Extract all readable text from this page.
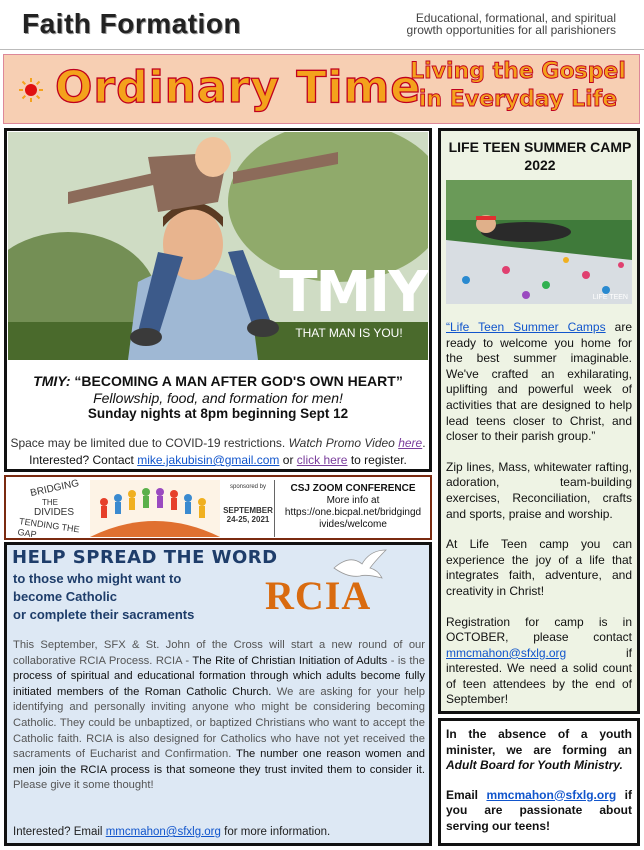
Faith Formation	Educational, formational, and spiritual
growth opportunities for all parishioners
Ordinary Time
Living the Gospel
in Everyday Life
TMIY
THAT MAN IS YOU!
TMIY: “BECOMING A MAN AFTER GOD'S OWN HEART”
Fellowship, food, and formation for men!
Sunday nights at 8pm beginning Sept 12
Space may be limited due to COVID-19 restrictions. Watch Promo Video here.
Interested? Contact mike.jakubisin@gmail.com or click here to register.
BRIDGING
THE
DIVIDES
TENDING THE GAP
sponsored by
SEPTEMBER
24-25, 2021
CSJ ZOOM CONFERENCE
More info at
https://one.bicpal.net/bridgingdivides/welcome
HELP SPREAD THE WORD
to those who might want to
become Catholic
or complete their sacraments	RCIA
This September, SFX & St. John of the Cross will start a new round of our collaborative RCIA Process. RCIA - The Rite of Christian Initiation of Adults - is the process of spiritual and educational formation through which adults become fully initiated members of the Roman Catholic Church. We are asking for your help identifying and personally inviting anyone who might be considering becoming Catholic. They could be unbaptized, or baptized Christians who want to accept the Catholic faith. RCIA is also designed for Catholics who have not yet received the sacraments of Eucharist and Confirmation. The number one reason women and men join the RCIA process is that someone they trust invited them to consider it. Please give it some thought!
Interested? Email mmcmahon@sfxlg.org for more information.
LIFE TEEN SUMMER CAMP 2022
LIFE TEEN

“Life Teen Summer Camps are ready to welcome you home for the best summer imaginable. We've crafted an exhilarating, uplifting and powerful week of activities that are designed to help lead teens closer to Christ, and closer to their parish group.”

Zip lines, Mass, whitewater rafting, adoration, team-building exercises, Reconciliation, crafts and sports, praise and worship.

At Life Teen camp you can experience the joy of a life that integrates faith, adventure, and creativity in Christ!

Registration for camp is in OCTOBER, please contact mmcmahon@sfxlg.org if interested. We need a solid count of teen attendees by the end of September!

In the absence of a youth minister, we are forming an Adult Board for Youth Ministry.

Email mmcmahon@sfxlg.org if you are passionate about serving our teens!
